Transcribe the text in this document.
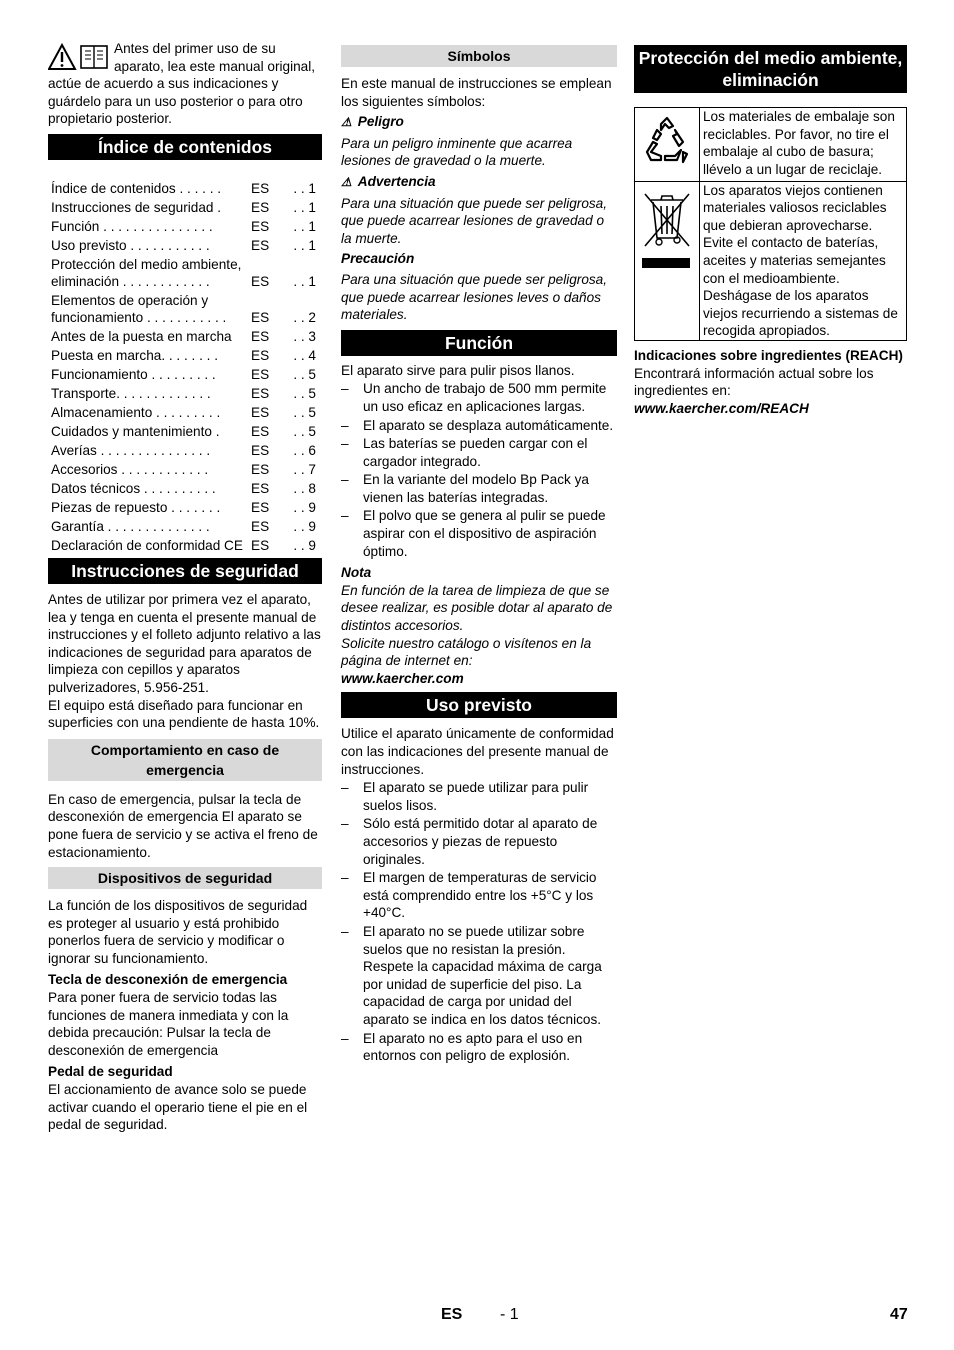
Antes del primer uso de su aparato, lea este manual original, actúe de acuerdo a sus indicaciones y guárdelo para un uso posterior o para otro propietario posterior.

Índice de contenidos
Índice de contenidos . . . . . .	ES	. . 1
Instrucciones de seguridad .	ES	. . 1
Función . . . . . . . . . . . . . . .	ES	. . 1
Uso previsto . . . . . . . . . . .	ES	. . 1
Protección del medio ambiente, eliminación . . . . . . . . . . . .	ES	. . 1
Elementos de operación y funcionamiento . . . . . . . . . . .	ES	. . 2
Antes de la puesta en marcha	ES	. . 3
Puesta en marcha. . . . . . . .	ES	. . 4
Funcionamiento . . . . . . . . .	ES	. . 5
Transporte. . . . . . . . . . . . .	ES	. . 5
Almacenamiento . . . . . . . . .	ES	. . 5
Cuidados y mantenimiento .	ES	. . 5
Averías . . . . . . . . . . . . . . .	ES	. . 6
Accesorios . . . . . . . . . . . .	ES	. . 7
Datos técnicos . . . . . . . . . .	ES	. . 8
Piezas de repuesto . . . . . . .	ES	. . 9
Garantía . . . . . . . . . . . . . .	ES	. . 9
Declaración de conformidad CE	ES	. . 9
Instrucciones de seguridad

Antes de utilizar por primera vez el aparato, lea y tenga en cuenta el presente manual de instrucciones y el folleto adjunto relativo a las indicaciones de seguridad para aparatos de limpieza con cepillos y aparatos pulverizadores, 5.956-251.

El equipo está diseñado para funcionar en superficies con una pendiente de hasta 10%.

Comportamiento en caso de emergencia

En caso de emergencia, pulsar la tecla de desconexión de emergencia El aparato se pone fuera de servicio y se activa el freno de estacionamiento.

Dispositivos de seguridad

La función de los dispositivos de seguridad es proteger al usuario y está prohibido ponerlos fuera de servicio y modificar o ignorar su funcionamiento.

Tecla de desconexión de emergencia

Para poner fuera de servicio todas las funciones de manera inmediata y con la debida precaución: Pulsar la tecla de desconexión de emergencia

Pedal de seguridad

El accionamiento de avance solo se puede activar cuando el operario tiene el pie en el pedal de seguridad.

Símbolos

En este manual de instrucciones se emplean los siguientes símbolos:

⚠ Peligro

Para un peligro inminente que acarrea lesiones de gravedad o la muerte.

⚠ Advertencia

Para una situación que puede ser peligrosa, que puede acarrear lesiones de gravedad o la muerte.

Precaución

Para una situación que puede ser peligrosa, que puede acarrear lesiones leves o daños materiales.

Función

El aparato sirve para pulir pisos llanos.

– Un ancho de trabajo de 500 mm permite un uso eficaz en aplicaciones largas.
– El aparato se desplaza automáticamente.
– Las baterías se pueden cargar con el cargador integrado.
– En la variante del modelo Bp Pack ya vienen las baterías integradas.
– El polvo que se genera al pulir se puede aspirar con el dispositivo de aspiración óptimo.

Nota

En función de la tarea de limpieza de que se desee realizar, es posible dotar al aparato de distintos accesorios.

Solicite nuestro catálogo o visítenos en la página de internet en:

www.kaercher.com

Uso previsto

Utilice el aparato únicamente de conformidad con las indicaciones del presente manual de instrucciones.

– El aparato se puede utilizar para pulir suelos lisos.
– Sólo está permitido dotar al aparato de accesorios y piezas de repuesto originales.
– El margen de temperaturas de servicio está comprendido entre los +5°C y los +40°C.
– El aparato no se puede utilizar sobre suelos que no resistan la presión. Respete la capacidad máxima de carga por unidad de superficie del piso. La capacidad de carga por unidad del aparato se indica en los datos técnicos.
– El aparato no es apto para el uso en entornos con peligro de explosión.
Protección del medio ambiente, eliminación
	Los materiales de embalaje son reciclables. Por favor, no tire el embalaje al cubo de basura; llévelo a un lugar de reciclaje.
	Los aparatos viejos contienen materiales valiosos reciclables que debieran aprovecharse. Evite el contacto de baterías, aceites y materias semejantes con el medioambiente. Deshágase de los aparatos viejos recurriendo a sistemas de recogida apropiados.

Indicaciones sobre ingredientes (REACH)

Encontrará información actual sobre los ingredientes en:

www.kaercher.com/REACH

ES - 1	47
